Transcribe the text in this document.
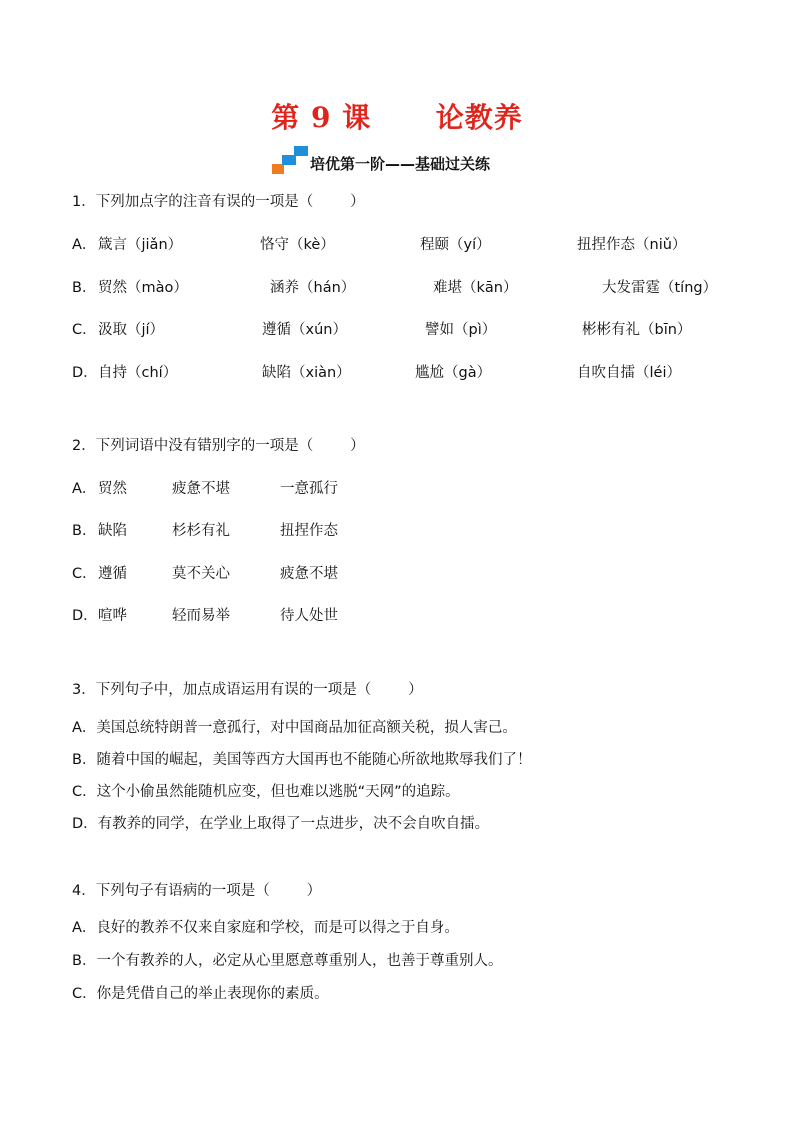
第 9 课      论教养
培优第一阶——基础过关练
1．下列加点字的注音有误的一项是（        ）
A． 箴言（jiǎn）	恪守（kè）	程颐（yí）	扭捏作态（niǔ）
B． 贸然（mào）	涵养（hán）	难堪（kān）	大发雷霆（tíng）
C． 汲取（jí）	遵循（xún）	譬如（pì）	彬彬有礼（bīn）
D． 自持（chí）	缺陷（xiàn）	尴尬（gà）	自吹自擂（léi）
2．下列词语中没有错别字的一项是（        ）
A． 贸然	疲惫不堪	一意孤行
B． 缺陷	杉杉有礼	扭捏作态
C． 遵循	莫不关心	疲惫不堪
D． 喧哗	轻而易举	待人处世
3．下列句子中，加点成语运用有误的一项是（        ）
A．美国总统特朗普一意孤行，对中国商品加征高额关税，损人害己。
B．随着中国的崛起，美国等西方大国再也不能随心所欲地欺辱我们了！
C．这个小偷虽然能随机应变，但也难以逃脱“天网”的追踪。
D．有教养的同学，在学业上取得了一点进步，决不会自吹自擂。
4．下列句子有语病的一项是（        ）
A．良好的教养不仅来自家庭和学校，而是可以得之于自身。
B．一个有教养的人，必定从心里愿意尊重别人，也善于尊重别人。
C．你是凭借自己的举止表现你的素质。
